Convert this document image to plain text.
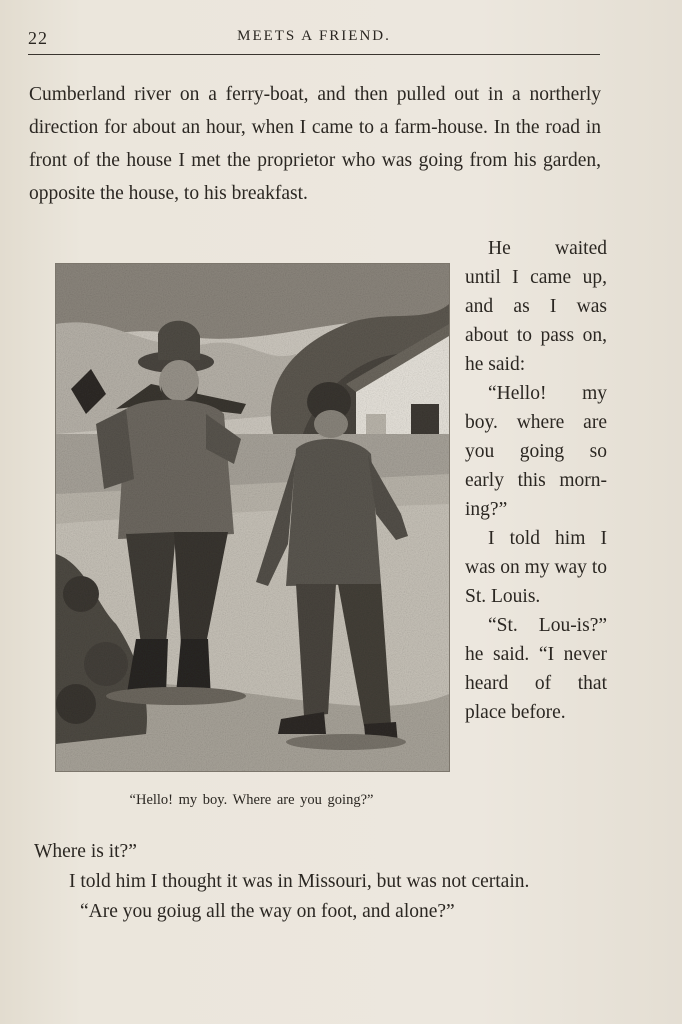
22	MEETS A FRIEND.

Cumberland river on a ferry-boat, and then pulled out in a northerly direction for about an hour, when I came to a farm-house. In the road in front of the house I met the proprietor who was going from his garden, opposite the house, to his breakfast.

“Hello! my boy. Where are you going?”

He waited until I came up, and as I was about to pass on, he said:

“Hello! my boy. where are you going so early this morn-ing?”

I told him I was on my way to St. Louis.

“St. Lou-is?” he said. “I never heard of that place before.

Where is it?”

I told him I thought it was in Missouri, but was not certain.

“Are you goiug all the way on foot, and alone?”
